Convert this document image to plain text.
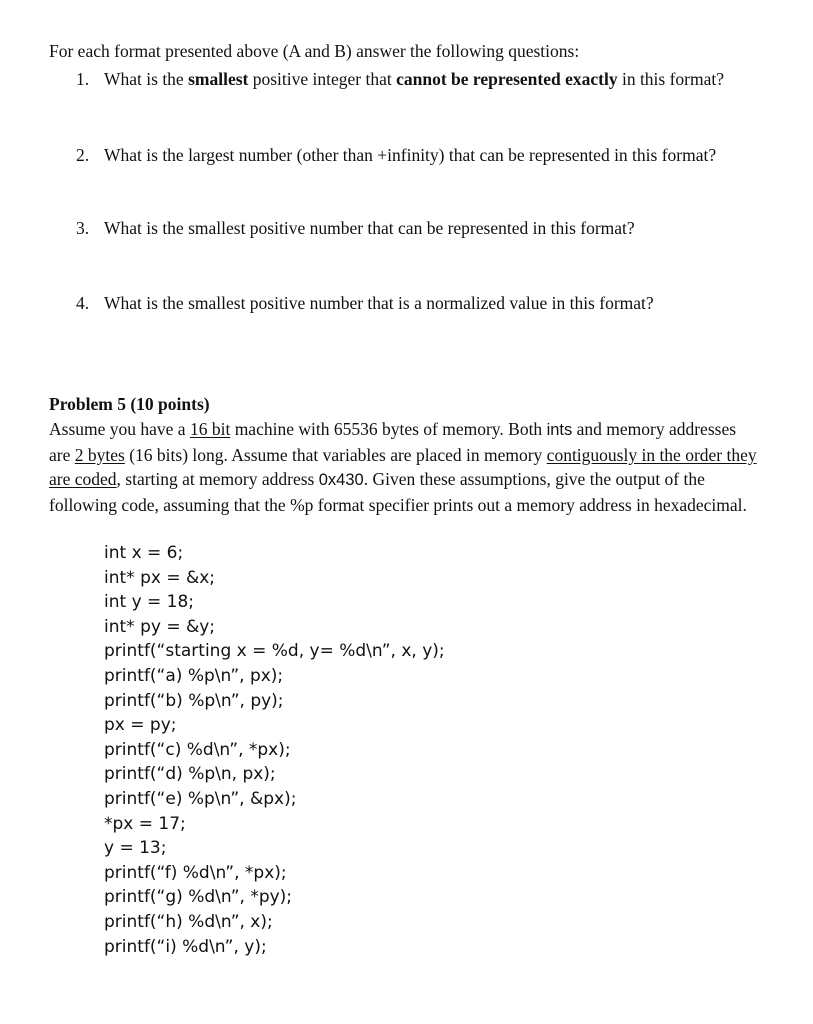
For each format presented above (A and B) answer the following questions:
1. What is the smallest positive integer that cannot be represented exactly in this format?
2. What is the largest number (other than +infinity) that can be represented in this format?
3. What is the smallest positive number that can be represented in this format?
4. What is the smallest positive number that is a normalized value in this format?
Problem 5 (10 points)
Assume you have a 16 bit machine with 65536 bytes of memory. Both ints and memory addresses are 2 bytes (16 bits) long. Assume that variables are placed in memory contiguously in the order they are coded, starting at memory address 0x430. Given these assumptions, give the output of the following code, assuming that the %p format specifier prints out a memory address in hexadecimal.
int x = 6;
int* px = &x;
int y = 18;
int* py = &y;
printf(“starting x = %d, y= %d\n”, x, y);
printf(“a) %p\n”, px);
printf(“b) %p\n”, py);
px = py;
printf(“c) %d\n”, *px);
printf(“d) %p\n, px);
printf(“e) %p\n”, &px);
*px = 17;
y = 13;
printf(“f) %d\n”, *px);
printf(“g) %d\n”, *py);
printf(“h) %d\n”, x);
printf(“i) %d\n”, y);
